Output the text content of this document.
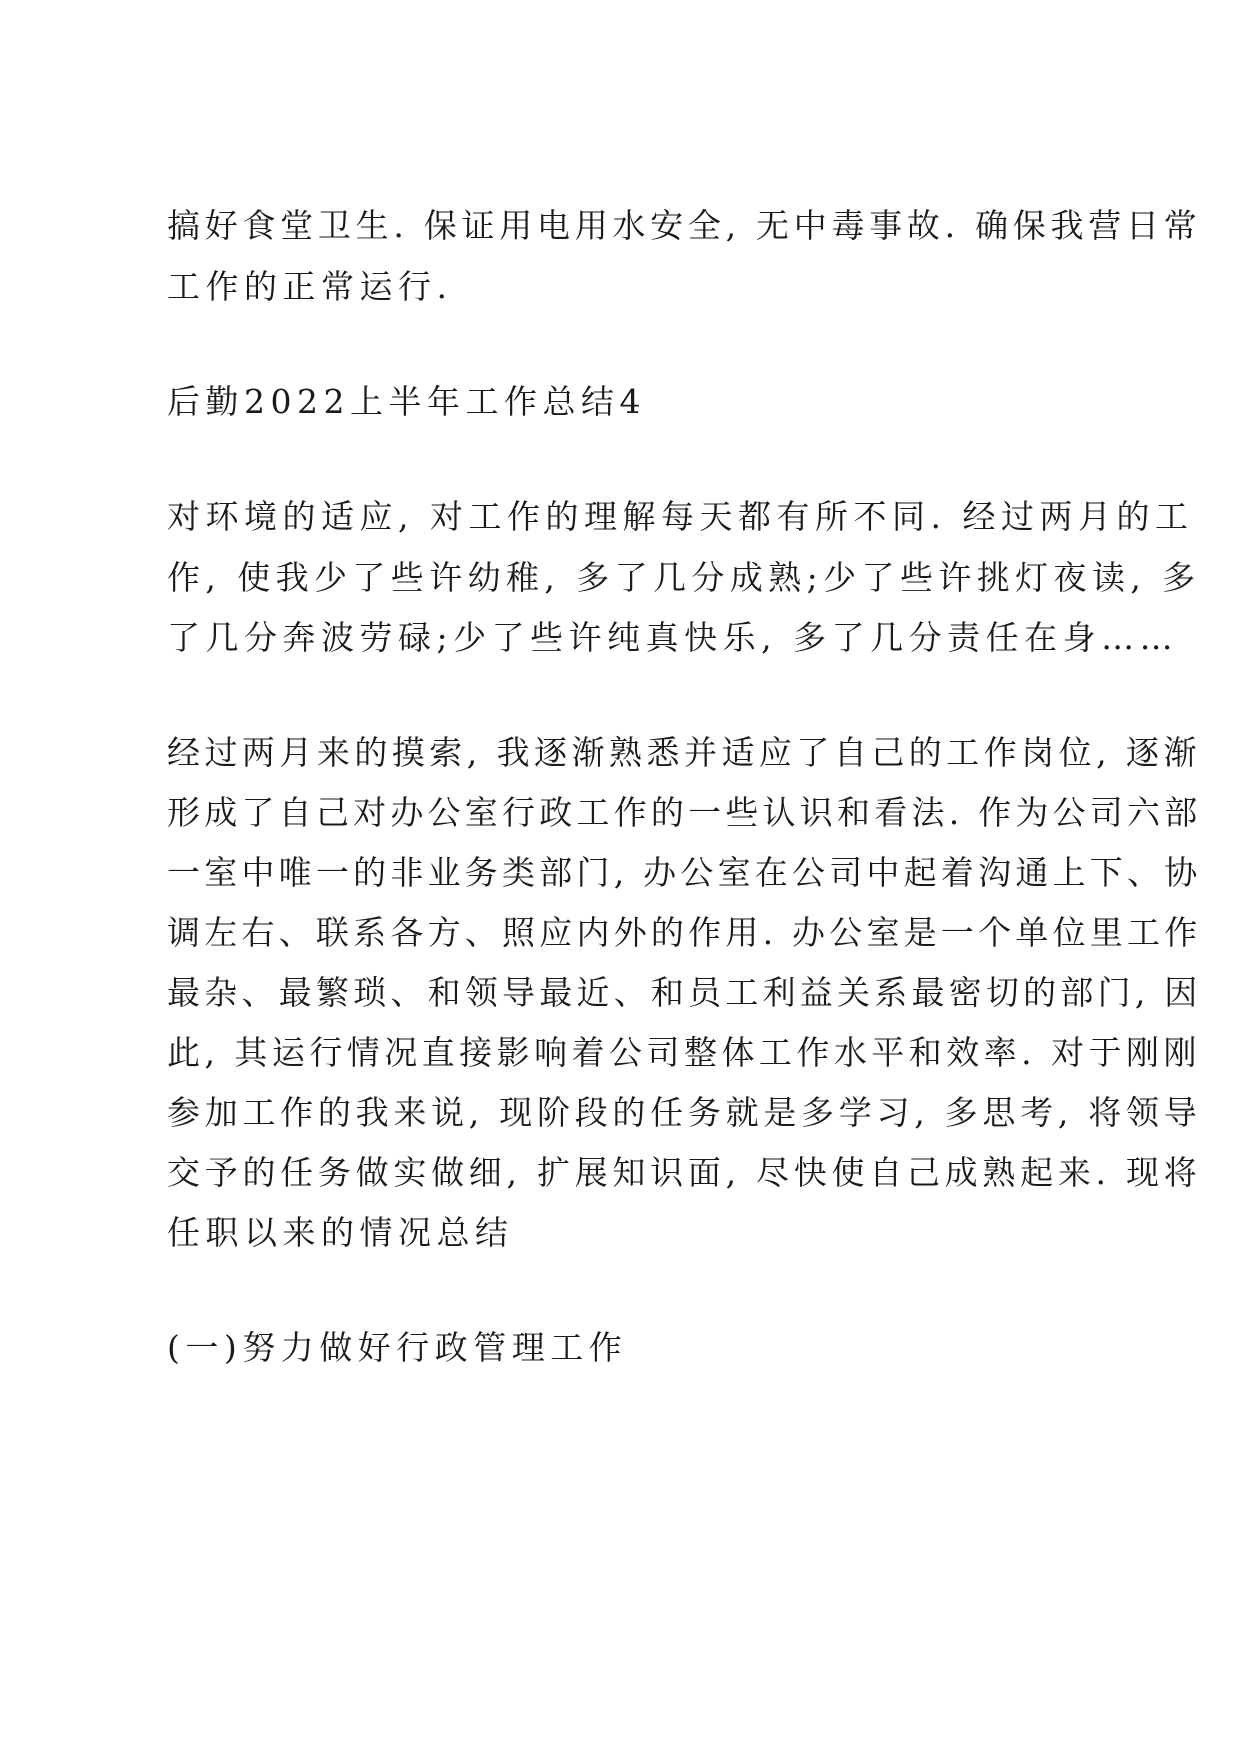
搞好食堂卫生. 保证用电用水安全, 无中毒事故. 确保我营日常
工作的正常运行.
后勤2022上半年工作总结4
对环境的适应, 对工作的理解每天都有所不同. 经过两月的工
作, 使我少了些许幼稚, 多了几分成熟;少了些许挑灯夜读, 多
了几分奔波劳碌;少了些许纯真快乐, 多了几分责任在身……
经过两月来的摸索, 我逐渐熟悉并适应了自己的工作岗位, 逐渐
形成了自己对办公室行政工作的一些认识和看法. 作为公司六部
一室中唯一的非业务类部门, 办公室在公司中起着沟通上下、协
调左右、联系各方、照应内外的作用. 办公室是一个单位里工作
最杂、最繁琐、和领导最近、和员工利益关系最密切的部门, 因
此, 其运行情况直接影响着公司整体工作水平和效率. 对于刚刚
参加工作的我来说, 现阶段的任务就是多学习, 多思考, 将领导
交予的任务做实做细, 扩展知识面, 尽快使自己成熟起来. 现将
任职以来的情况总结
(一)努力做好行政管理工作
